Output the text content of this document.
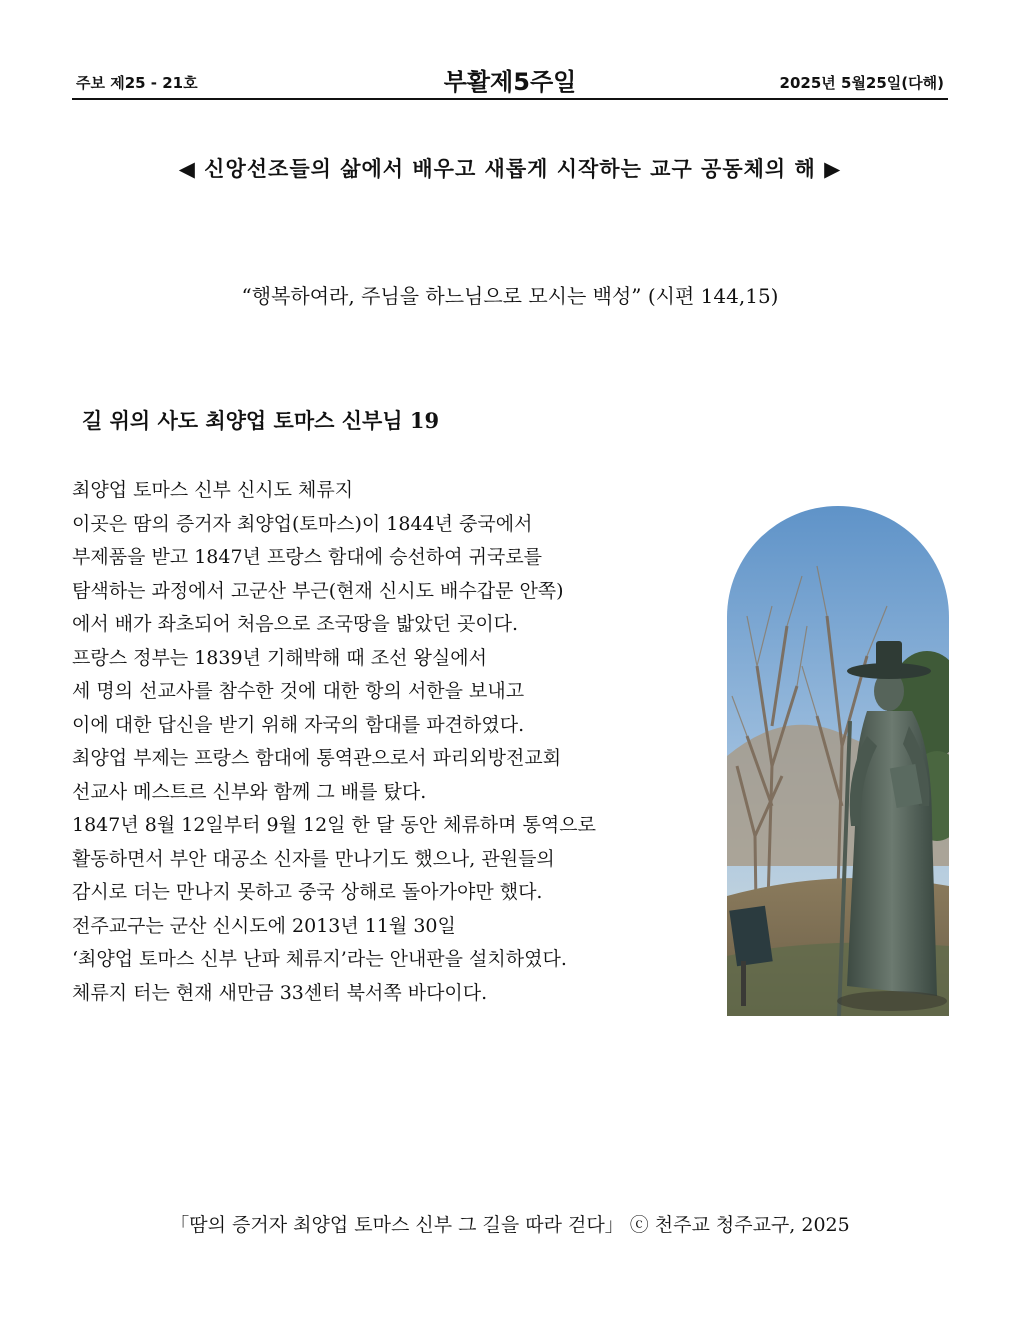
주보 제25 - 21호	부활제5주일	2025년 5월25일(다해)
◀ 신앙선조들의 삶에서 배우고 새롭게 시작하는 교구 공동체의 해 ▶
“행복하여라, 주님을 하느님으로 모시는 백성” (시편 144,15)
길 위의 사도 최양업 토마스 신부님 19

최양업 토마스 신부 신시도 체류지

이곳은 땀의 증거자 최양업(토마스)이 1844년 중국에서

부제품을 받고 1847년 프랑스 함대에 승선하여 귀국로를

탐색하는 과정에서 고군산 부근(현재 신시도 배수갑문 안쪽)

에서 배가 좌초되어 처음으로 조국땅을 밟았던 곳이다.

프랑스 정부는 1839년 기해박해 때 조선 왕실에서

세 명의 선교사를 참수한 것에 대한 항의 서한을 보내고

이에 대한 답신을 받기 위해 자국의 함대를 파견하였다.

최양업 부제는 프랑스 함대에 통역관으로서 파리외방전교회

선교사 메스트르 신부와 함께 그 배를 탔다.

1847년 8월 12일부터 9월 12일 한 달 동안 체류하며 통역으로

활동하면서 부안 대공소 신자를 만나기도 했으나, 관원들의

감시로 더는 만나지 못하고 중국 상해로 돌아가야만 했다.

전주교구는 군산 신시도에 2013년 11월 30일

‘최양업 토마스 신부 난파 체류지’라는 안내판을 설치하였다.

체류지 터는 현재 새만금 33센터 북서쪽 바다이다.

「땀의 증거자 최양업 토마스 신부 그 길을 따라 걷다」 ⓒ 천주교 청주교구, 2025
